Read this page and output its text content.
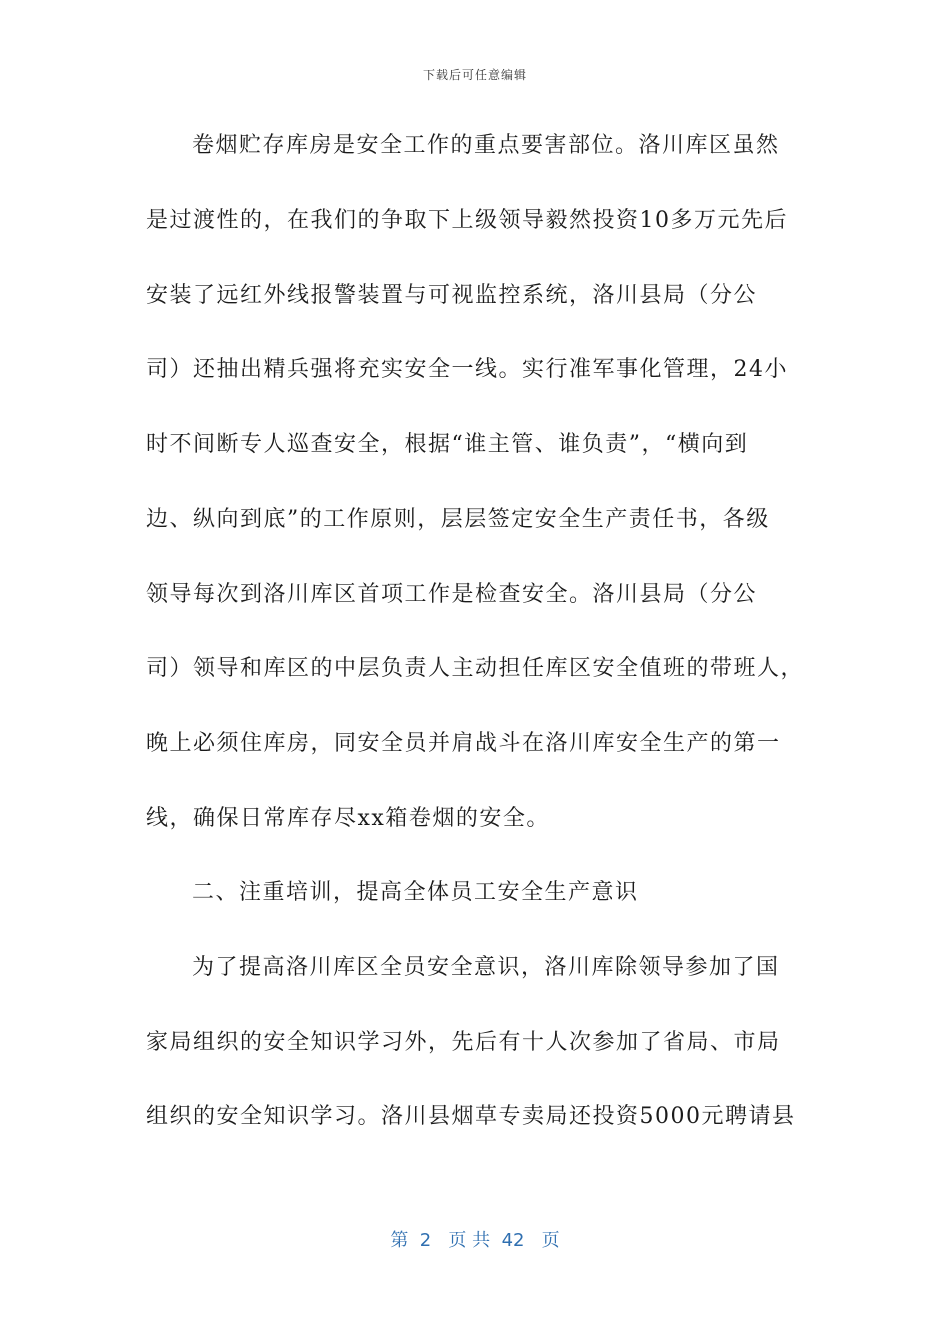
下载后可任意编辑
卷烟贮存库房是安全工作的重点要害部位。洛川库区虽然
是过渡性的，在我们的争取下上级领导毅然投资10多万元先后
安装了远红外线报警装置与可视监控系统，洛川县局（分公
司）还抽出精兵强将充实安全一线。实行准军事化管理，24小
时不间断专人巡查安全，根据“谁主管、谁负责”，“横向到
边、纵向到底”的工作原则，层层签定安全生产责任书，各级
领导每次到洛川库区首项工作是检查安全。洛川县局（分公
司）领导和库区的中层负责人主动担任库区安全值班的带班人，
晚上必须住库房，同安全员并肩战斗在洛川库安全生产的第一
线，确保日常库存尽xx箱卷烟的安全。
二、注重培训，提高全体员工安全生产意识
为了提高洛川库区全员安全意识，洛川库除领导参加了国
家局组织的安全知识学习外，先后有十人次参加了省局、市局
组织的安全知识学习。洛川县烟草专卖局还投资5000元聘请县
第  2   页 共  42   页
